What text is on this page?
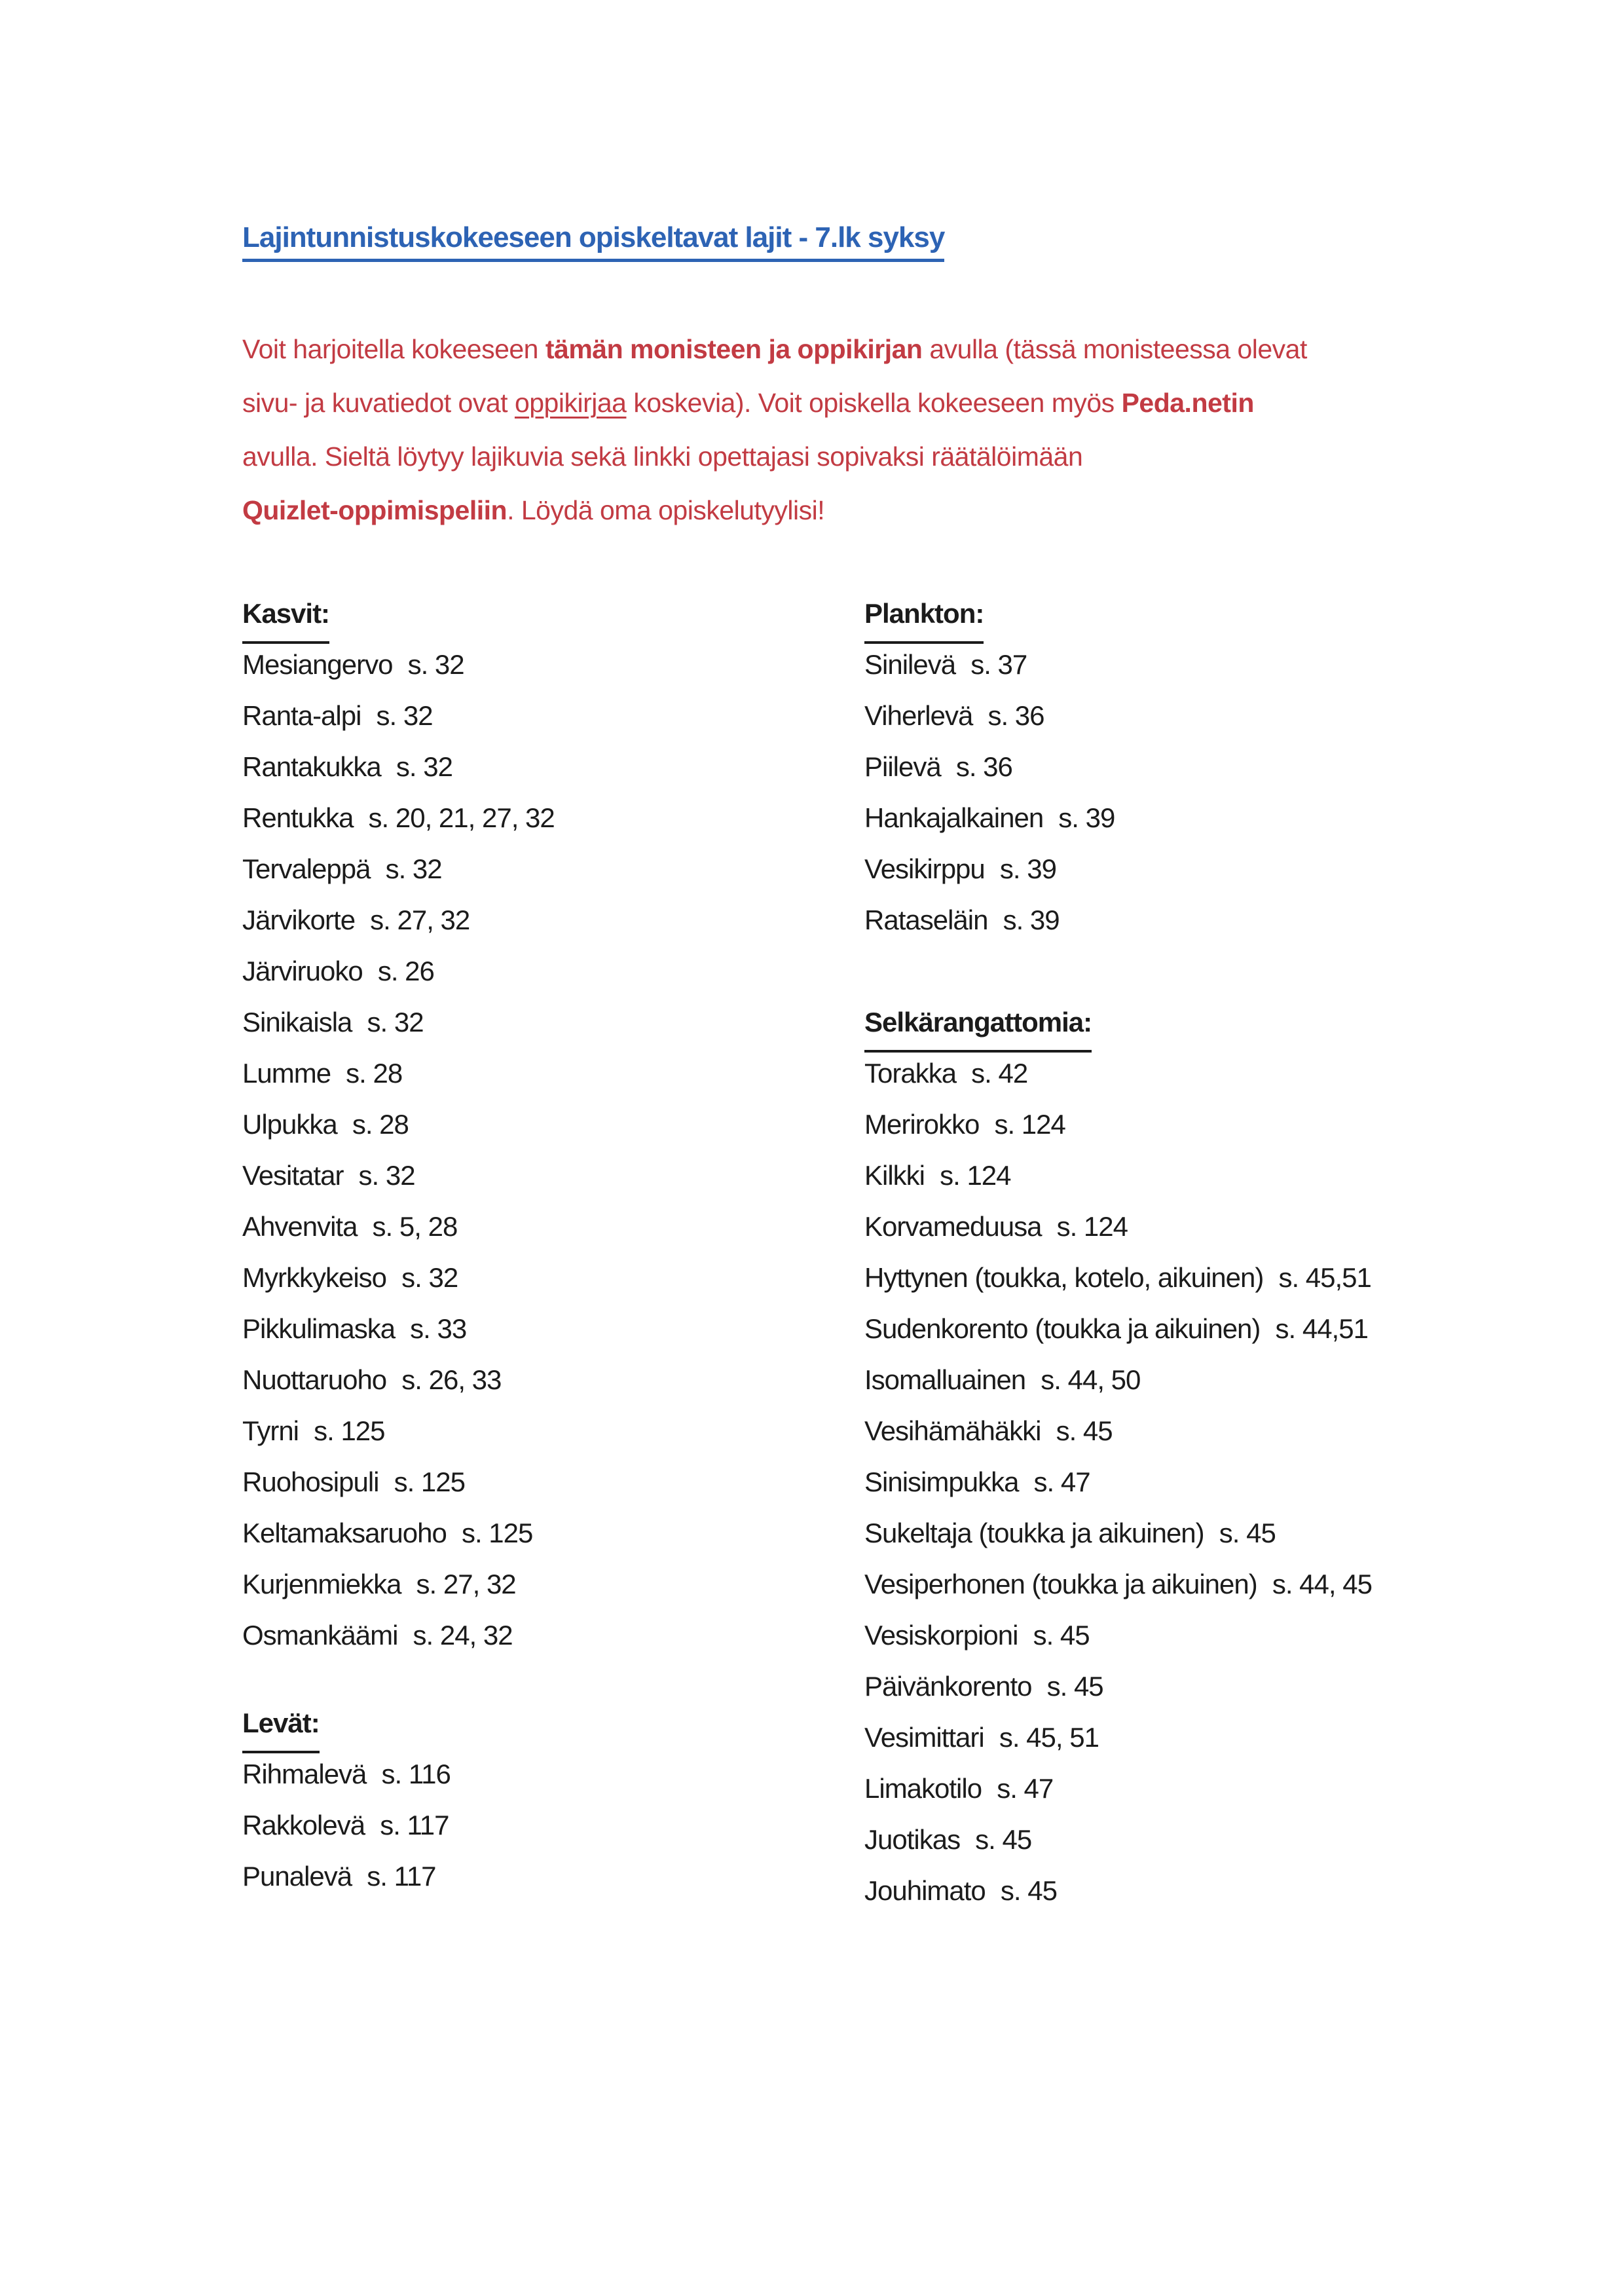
Lajintunnistuskokeeseen opiskeltavat lajit - 7.lk syksy
Voit harjoitella kokeeseen tämän monisteen ja oppikirjan avulla (tässä monisteessa olevat
sivu- ja kuvatiedot ovat oppikirjaa koskevia). Voit opiskella kokeeseen myös Peda.netin
avulla. Sieltä löytyy lajikuvia sekä linkki opettajasi sopivaksi räätälöimään
Quizlet-oppimispeliin. Löydä oma opiskelutyylisi!
Kasvit:
Mesiangervo s. 32
Ranta-alpi s. 32
Rantakukka s. 32
Rentukka s. 20, 21, 27, 32
Tervaleppä s. 32
Järvikorte s. 27, 32
Järviruoko s. 26
Sinikaisla s. 32
Lumme s. 28
Ulpukka s. 28
Vesitatar s. 32
Ahvenvita s. 5, 28
Myrkkykeiso s. 32
Pikkulimaska s. 33
Nuottaruoho s. 26, 33
Tyrni s. 125
Ruohosipuli s. 125
Keltamaksaruoho s. 125
Kurjenmiekka s. 27, 32
Osmankäämi s. 24, 32
Levät:
Rihmalevä s. 116
Rakkolevä s. 117
Punalevä s. 117
Plankton:
Sinilevä s. 37
Viherlevä s. 36
Piilevä s. 36
Hankajalkainen s. 39
Vesikirppu s. 39
Rataseläin s. 39
Selkärangattomia:
Torakka s. 42
Merirokko s. 124
Kilkki s. 124
Korvameduusa s. 124
Hyttynen (toukka, kotelo, aikuinen) s. 45,51
Sudenkorento (toukka ja aikuinen) s. 44,51
Isomalluainen s. 44, 50
Vesihämähäkki s. 45
Sinisimpukka s. 47
Sukeltaja (toukka ja aikuinen) s. 45
Vesiperhonen (toukka ja aikuinen) s. 44, 45
Vesiskorpioni s. 45
Päivänkorento s. 45
Vesimittari s. 45, 51
Limakotilo s. 47
Juotikas s. 45
Jouhimato s. 45
